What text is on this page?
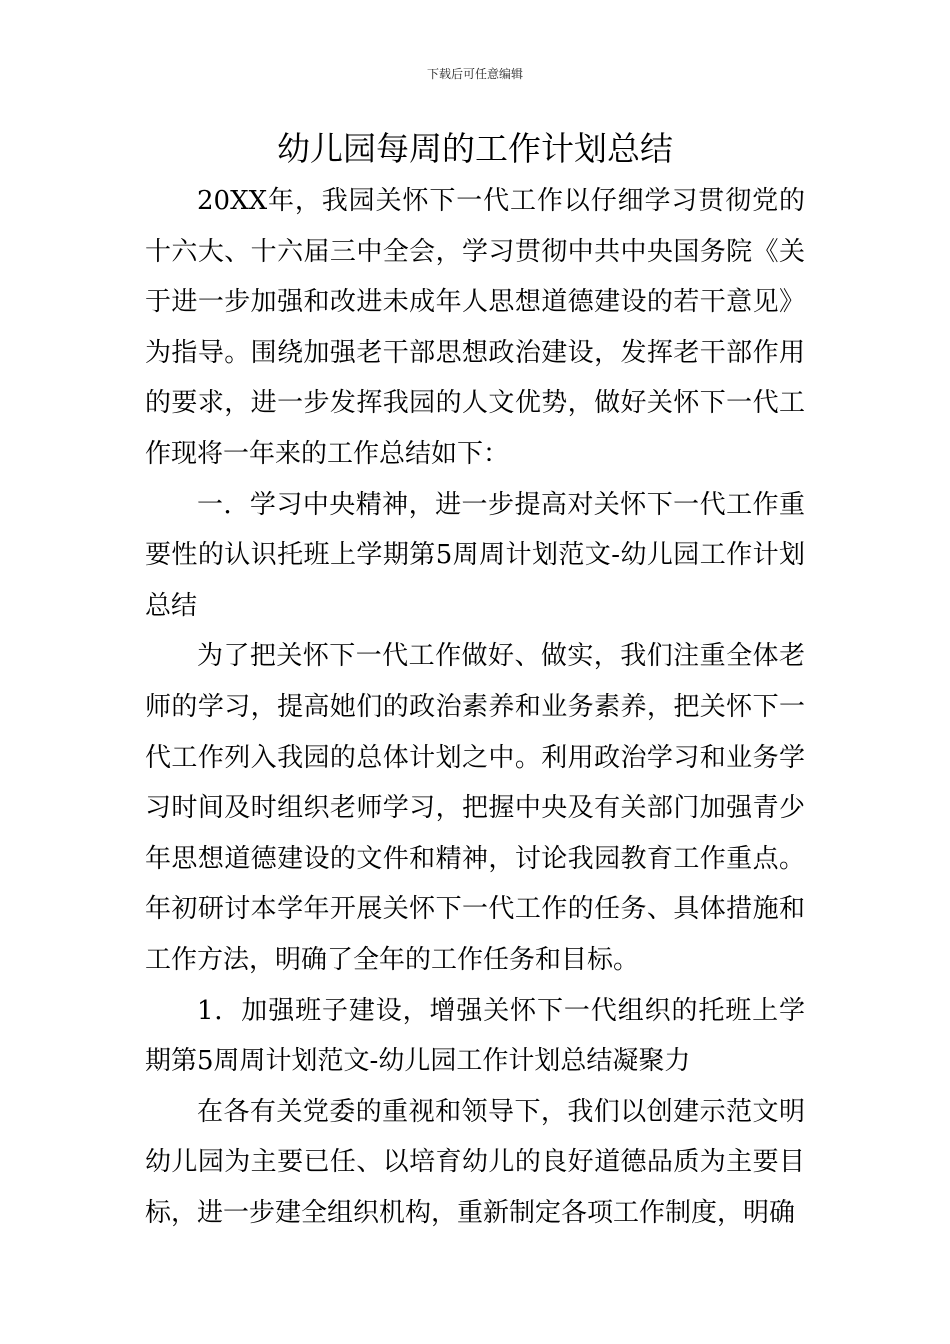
下载后可任意编辑
幼儿园每周的工作计划总结

20XX年，我园关怀下一代工作以仔细学习贯彻党的十六大、十六届三中全会，学习贯彻中共中央国务院《关于进一步加强和改进未成年人思想道德建设的若干意见》为指导。围绕加强老干部思想政治建设，发挥老干部作用的要求，进一步发挥我园的人文优势，做好关怀下一代工作现将一年来的工作总结如下：

一．学习中央精神，进一步提高对关怀下一代工作重要性的认识托班上学期第5周周计划范文-幼儿园工作计划总结

为了把关怀下一代工作做好、做实，我们注重全体老师的学习，提高她们的政治素养和业务素养，把关怀下一代工作列入我园的总体计划之中。利用政治学习和业务学习时间及时组织老师学习，把握中央及有关部门加强青少年思想道德建设的文件和精神，讨论我园教育工作重点。年初研讨本学年开展关怀下一代工作的任务、具体措施和工作方法，明确了全年的工作任务和目标。

1．加强班子建设，增强关怀下一代组织的托班上学期第5周周计划范文-幼儿园工作计划总结凝聚力

在各有关党委的重视和领导下，我们以创建示范文明幼儿园为主要已任、以培育幼儿的良好道德品质为主要目标，进一步建全组织机构，重新制定各项工作制度，明确
